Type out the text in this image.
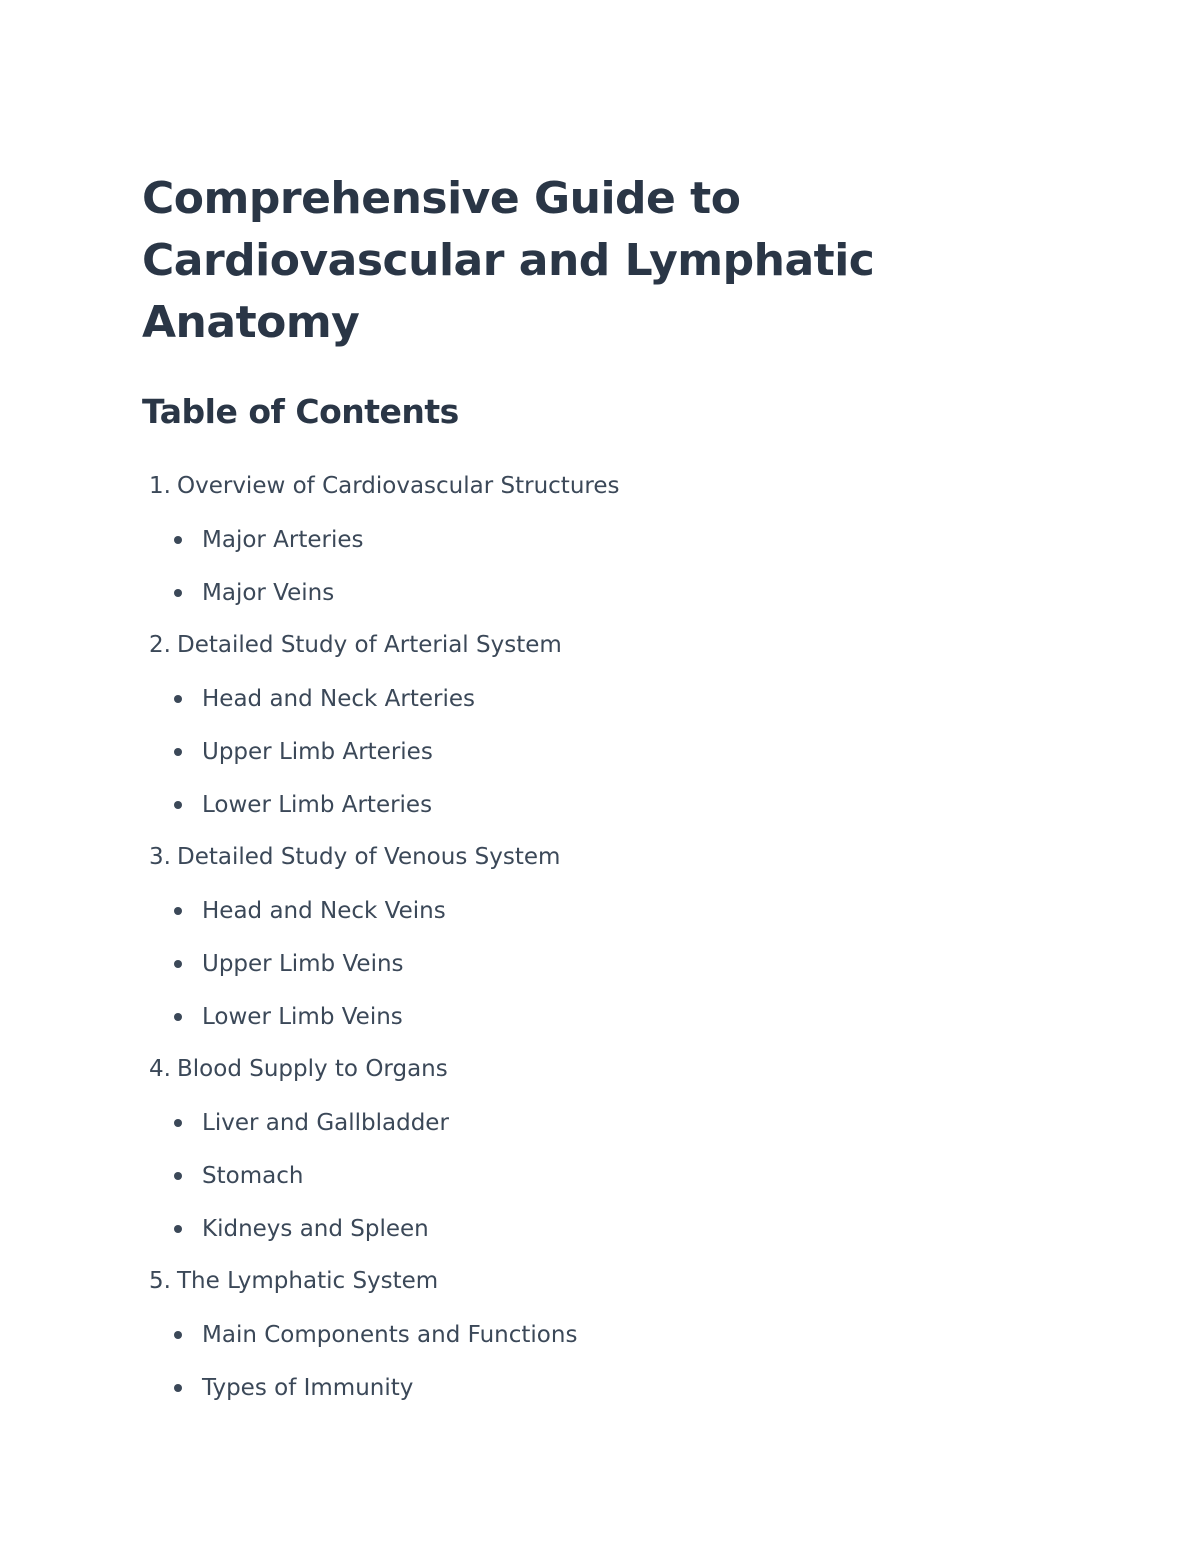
Comprehensive Guide to Cardiovascular and Lymphatic Anatomy
Table of Contents
1. Overview of Cardiovascular Structures
Major Arteries
Major Veins
2. Detailed Study of Arterial System
Head and Neck Arteries
Upper Limb Arteries
Lower Limb Arteries
3. Detailed Study of Venous System
Head and Neck Veins
Upper Limb Veins
Lower Limb Veins
4. Blood Supply to Organs
Liver and Gallbladder
Stomach
Kidneys and Spleen
5. The Lymphatic System
Main Components and Functions
Types of Immunity
